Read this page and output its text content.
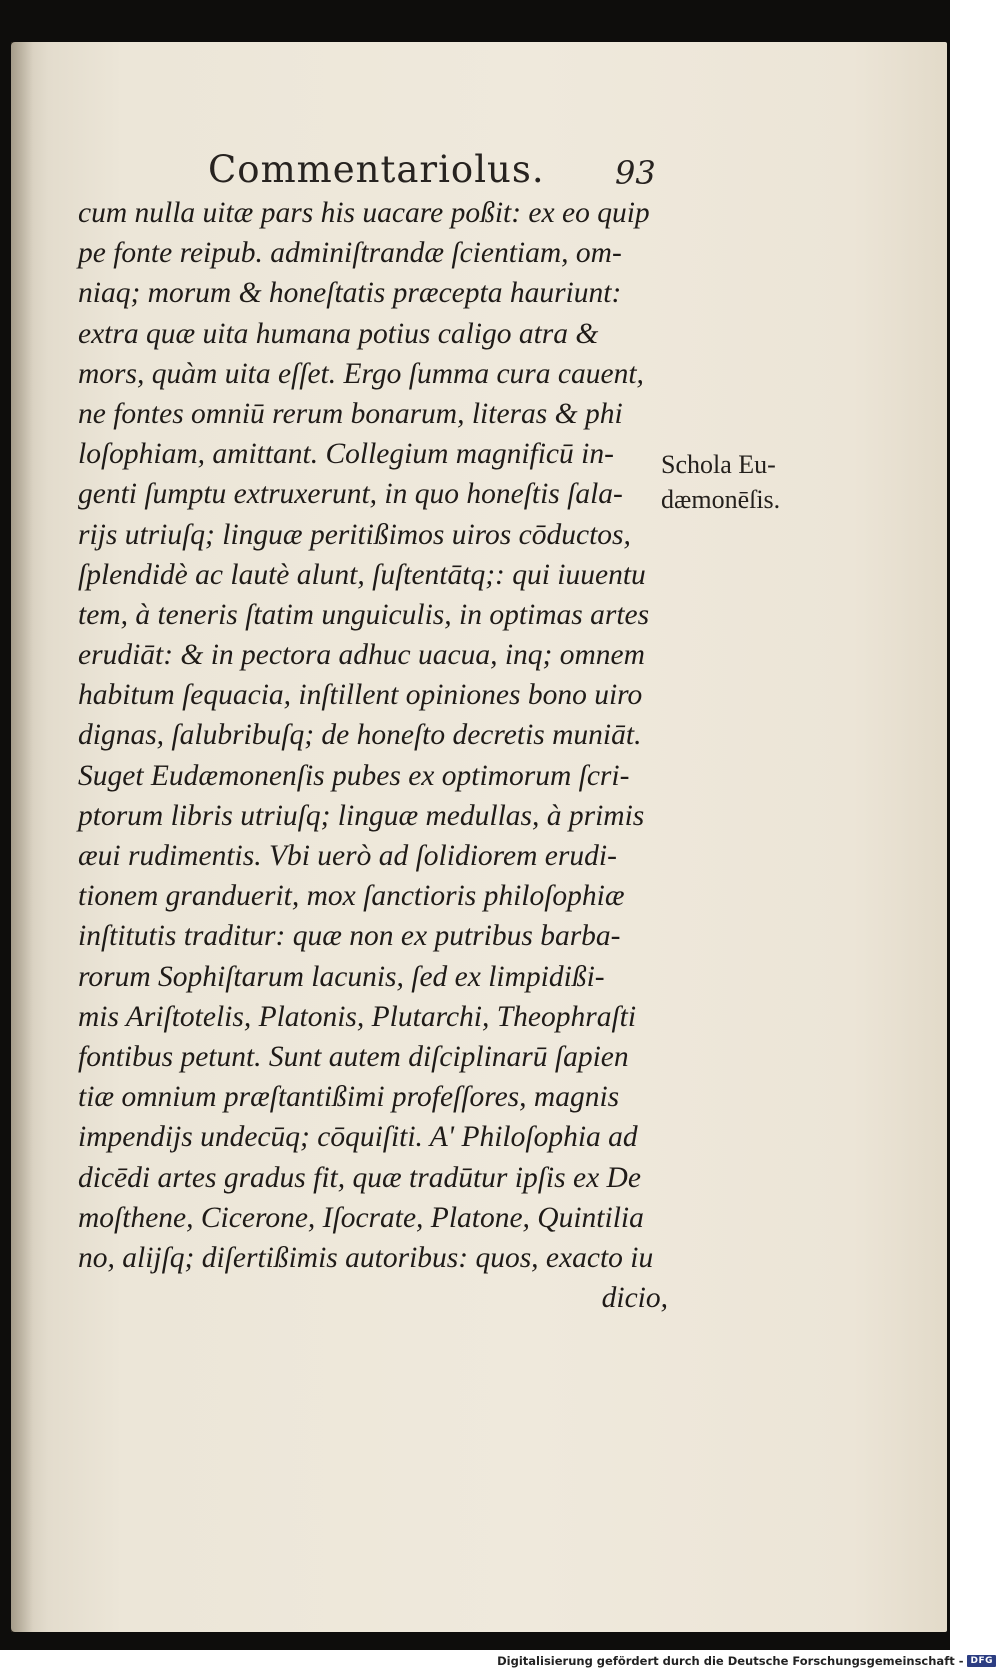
Commentariolus. 93
cum nulla uitæ pars his uacare poßit: ex eo quip
pe fonte reipub. adminiſtrandæ ſcientiam, om-
niaq; morum & honeſtatis præcepta hauriunt:
extra quæ uita humana potius caligo atra &
mors, quàm uita eſſet. Ergo ſumma cura cauent,
ne fontes omniū rerum bonarum, literas & phi
loſophiam, amittant. Collegium magnificū in-
genti ſumptu extruxerunt, in quo honeſtis ſala-
rijs utriuſq; linguæ peritißimos uiros cōductos,
ſplendidè ac lautè alunt, ſuſtentātq;: qui iuuentu
tem, à teneris ſtatim unguiculis, in optimas artes
erudiāt: & in pectora adhuc uacua, inq; omnem
habitum ſequacia, inſtillent opiniones bono uiro
dignas, ſalubribuſq; de honeſto decretis muniāt.
Suget Eudæmonenſis pubes ex optimorum ſcri-
ptorum libris utriuſq; linguæ medullas, à primis
æui rudimentis. Vbi uerò ad ſolidiorem erudi-
tionem granduerit, mox ſanctioris philoſophiæ
inſtitutis traditur: quæ non ex putribus barba-
rorum Sophiſtarum lacunis, ſed ex limpidißi-
mis Ariſtotelis, Platonis, Plutarchi, Theophraſti
fontibus petunt. Sunt autem diſciplinarū ſapien
tiæ omnium præſtantißimi profeſſores, magnis
impendijs undecūq; cōquiſiti. A' Philoſophia ad
dicēdi artes gradus fit, quæ tradūtur ipſis ex De
moſthene, Cicerone, Iſocrate, Platone, Quintilia
no, alijſq; diſertißimis autoribus: quos, exacto iu
dicio,
Schola Eu-
dæmonēſis.
Digitalisierung gefördert durch die Deutsche Forschungsgemeinschaft - DFG
